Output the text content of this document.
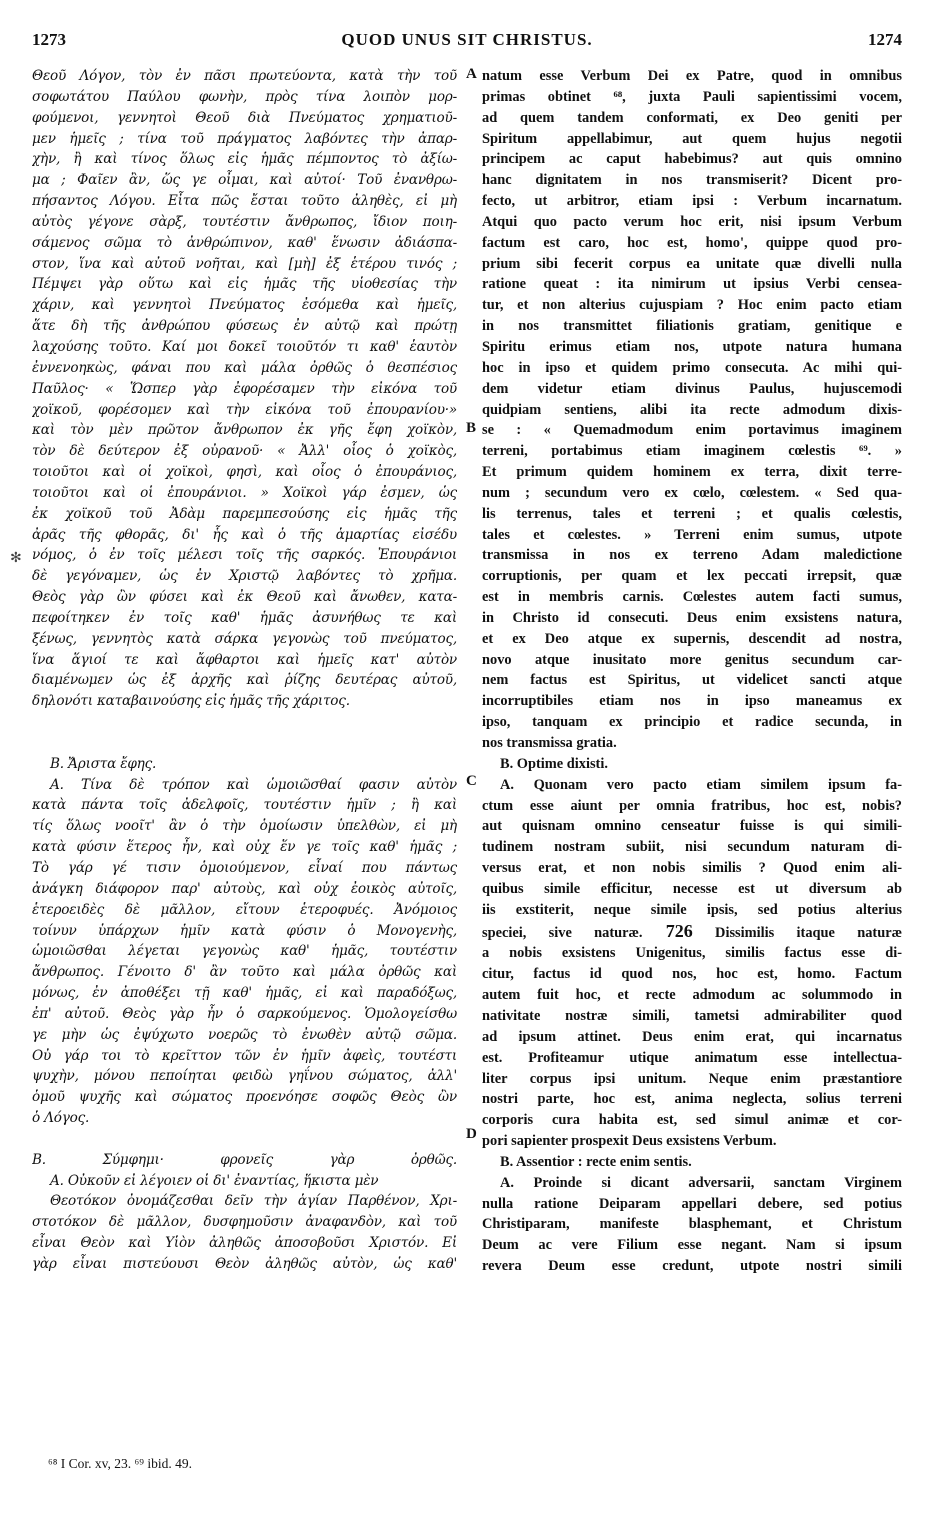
1273	QUOD UNUS SIT CHRISTUS.	1274
✻
A
B
C
D

Θεοῦ Λόγον, τὸν ἐν πᾶσι πρωτεύοντα, κατὰ τὴν τοῦ

σοφωτάτου Παύλου φωνὴν, πρὸς τίνα λοιπὸν μορ-

φούμενοι, γεννητοὶ Θεοῦ διὰ Πνεύματος χρηματιοῦ-

μεν ἡμεῖς ; τίνα τοῦ πράγματος λαβόντες τὴν ἀπαρ-

χὴν, ἢ καὶ τίνος ὅλως εἰς ἡμᾶς πέμποντος τὸ ἀξίω-

μα ; Φαῖεν ἂν, ὥς γε οἶμαι, καὶ αὐτοί· Τοῦ ἐνανθρω-

πήσαντος Λόγου. Εἶτα πῶς ἔσται τοῦτο ἀληθὲς, εἰ μὴ

αὐτὸς γέγονε σὰρξ, τουτέστιν ἄνθρωπος, ἴδιον ποιη-

σάμενος σῶμα τὸ ἀνθρώπινον, καθ' ἕνωσιν ἀδιάσπα-

στον, ἵνα καὶ αὐτοῦ νοῆται, καὶ [μὴ] ἐξ ἑτέρου τινός ;

Πέμψει γὰρ οὕτω καὶ εἰς ἡμᾶς τῆς υἱοθεσίας τὴν

χάριν, καὶ γεννητοὶ Πνεύματος ἐσόμεθα καὶ ἡμεῖς,

ἅτε δὴ τῆς ἀνθρώπου φύσεως ἐν αὐτῷ καὶ πρώτῃ

λαχούσης τοῦτο. Καί μοι δοκεῖ τοιοῦτόν τι καθ' ἑαυτὸν

ἐννενοηκὼς, φάναι που καὶ μάλα ὀρθῶς ὁ θεσπέσιος

Παῦλος· « Ὥσπερ γὰρ ἐφορέσαμεν τὴν εἰκόνα τοῦ

χοϊκοῦ, φορέσομεν καὶ τὴν εἰκόνα τοῦ ἐπουρανίου·»

καὶ τὸν μὲν πρῶτον ἄνθρωπον ἐκ γῆς ἔφη χοϊκὸν,

τὸν δὲ δεύτερον ἐξ οὐρανοῦ· « Ἀλλ' οἷος ὁ χοϊκὸς,

τοιοῦτοι καὶ οἱ χοϊκοὶ, φησὶ, καὶ οἷος ὁ ἐπουράνιος,

τοιοῦτοι καὶ οἱ ἐπουράνιοι. » Χοϊκοὶ γάρ ἐσμεν, ὡς

ἐκ χοϊκοῦ τοῦ Ἀδὰμ παρεμπεσούσης εἰς ἡμᾶς τῆς

ἀρᾶς τῆς φθορᾶς, δι' ἧς καὶ ὁ τῆς ἁμαρτίας εἰσέδυ

νόμος, ὁ ἐν τοῖς μέλεσι τοῖς τῆς σαρκός. Ἐπουράνιοι

δὲ γεγόναμεν, ὡς ἐν Χριστῷ λαβόντες τὸ χρῆμα.

Θεὸς γὰρ ὢν φύσει καὶ ἐκ Θεοῦ καὶ ἄνωθεν, κατα-

πεφοίτηκεν ἐν τοῖς καθ' ἡμᾶς ἀσυνήθως τε καὶ

ξένως, γεννητὸς κατὰ σάρκα γεγονὼς τοῦ πνεύματος,

ἵνα ἅγιοί τε καὶ ἄφθαρτοι καὶ ἡμεῖς κατ' αὐτὸν

διαμένωμεν ὡς ἐξ ἀρχῆς καὶ ῥίζης δευτέρας αὐτοῦ,

δηλονότι καταβαινούσης εἰς ἡμᾶς τῆς χάριτος.

Β. Ἄριστα ἔφης.

Α. Τίνα δὲ τρόπον καὶ ὡμοιῶσθαί φασιν αὐτὸν

κατὰ πάντα τοῖς ἀδελφοῖς, τουτέστιν ἡμῖν ; ἢ καὶ

τίς ὅλως νοοῖτ' ἂν ὁ τὴν ὁμοίωσιν ὑπελθὼν, εἰ μὴ

κατὰ φύσιν ἕτερος ἦν, καὶ οὐχ ἕν γε τοῖς καθ' ἡμᾶς ;

Τὸ γάρ γέ τισιν ὁμοιούμενον, εἶναί που πάντως

ἀνάγκη διάφορον παρ' αὐτοὺς, καὶ οὐχ ἐοικὸς αὐτοῖς,

ἑτεροειδὲς δὲ μᾶλλον, εἴτουν ἑτεροφυές. Ἀνόμοιος

τοίνυν ὑπάρχων ἡμῖν κατὰ φύσιν ὁ Μονογενὴς,

ὡμοιῶσθαι λέγεται γεγονὼς καθ' ἡμᾶς, τουτέστιν

ἄνθρωπος. Γένοιτο δ' ἂν τοῦτο καὶ μάλα ὀρθῶς καὶ

μόνως, ἐν ἀποθέξει τῇ καθ' ἡμᾶς, εἰ καὶ παραδόξως,

ἐπ' αὐτοῦ. Θεὸς γὰρ ἦν ὁ σαρκούμενος. Ὁμολογείσθω

γε μὴν ὡς ἐψύχωτο νοερῶς τὸ ἐνωθὲν αὐτῷ σῶμα.

Οὐ γάρ τοι τὸ κρεῖττον τῶν ἐν ἡμῖν ἀφεὶς, τουτέστι

ψυχὴν, μόνου πεποίηται φειδὼ γηΐνου σώματος, ἀλλ'

ὁμοῦ ψυχῆς καὶ σώματος προενόησε σοφῶς Θεὸς ὢν

ὁ Λόγος.

Β. Σύμφημι· φρονεῖς γὰρ ὀρθῶς.

Α. Οὐκοῦν εἰ λέγοιεν οἱ δι' ἐναντίας, ἥκιστα μὲν

Θεοτόκον ὀνομάζεσθαι δεῖν τὴν ἁγίαν Παρθένον, Χρι-

στοτόκον δὲ μᾶλλον, δυσφημοῦσιν ἀναφανδὸν, καὶ τοῦ

εἶναι Θεὸν καὶ Υἱὸν ἀληθῶς ἀποσοβοῦσι Χριστόν. Εἰ

γὰρ εἶναι πιστεύουσι Θεὸν ἀληθῶς αὐτὸν, ὡς καθ'

natum esse Verbum Dei ex Patre, quod in omnibus

primas obtinet ⁶⁸, juxta Pauli sapientissimi vocem,

ad quem tandem conformati, ex Deo geniti per

Spiritum appellabimur, aut quem hujus negotii

principem ac caput habebimus? aut quis omnino

hanc dignitatem in nos transmiserit? Dicent pro-

fecto, ut arbitror, etiam ipsi : Verbum incarnatum.

Atqui quo pacto verum hoc erit, nisi ipsum Verbum

factum est caro, hoc est, homo', quippe quod pro-

prium sibi fecerit corpus ea unitate quæ divelli nulla

ratione queat : ita nimirum ut ipsius Verbi censea-

tur, et non alterius cujuspiam ? Hoc enim pacto etiam

in nos transmittet filiationis gratiam, genitique e

Spiritu erimus etiam nos, utpote natura humana

hoc in ipso et quidem primo consecuta. Ac mihi qui-

dem videtur etiam divinus Paulus, hujuscemodi

quidpiam sentiens, alibi ita recte admodum dixis-

se : « Quemadmodum enim portavimus imaginem

terreni, portabimus etiam imaginem cœlestis ⁶⁹. »

Et primum quidem hominem ex terra, dixit terre-

num ; secundum vero ex cœlo, cœlestem. « Sed qua-

lis terrenus, tales et terreni ; et qualis cœlestis,

tales et cœlestes. » Terreni enim sumus, utpote

transmissa in nos ex terreno Adam maledictione

corruptionis, per quam et lex peccati irrepsit, quæ

est in membris carnis. Cœlestes autem facti sumus,

in Christo id consecuti. Deus enim exsistens natura,

et ex Deo atque ex supernis, descendit ad nostra,

novo atque inusitato more genitus secundum car-

nem factus est Spiritus, ut videlicet sancti atque

incorruptibiles etiam nos in ipso maneamus ex

ipso, tanquam ex principio et radice secunda, in

nos transmissa gratia.

B. Optime dixisti.

A. Quonam vero pacto etiam similem ipsum fa-

ctum esse aiunt per omnia fratribus, hoc est, nobis?

aut quisnam omnino censeatur fuisse is qui simili-

tudinem nostram subiit, nisi secundum naturam di-

versus erat, et non nobis similis ? Quod enim ali-

quibus simile efficitur, necesse est ut diversum ab

iis exstiterit, neque simile ipsis, sed potius alterius

speciei, sive naturæ. 726 Dissimilis itaque naturæ

a nobis exsistens Unigenitus, similis factus esse di-

citur, factus id quod nos, hoc est, homo. Factum

autem fuit hoc, et recte admodum ac solummodo in

nativitate nostræ simili, tametsi admirabiliter quod

ad ipsum attinet. Deus enim erat, qui incarnatus

est. Profiteamur utique animatum esse intellectua-

liter corpus ipsi unitum. Neque enim præstantiore

nostri parte, hoc est, anima neglecta, solius terreni

corporis cura habita est, sed simul animæ et cor-

pori sapienter prospexit Deus exsistens Verbum.

B. Assentior : recte enim sentis.

A. Proinde si dicant adversarii, sanctam Virginem

nulla ratione Deiparam appellari debere, sed potius

Christiparam, manifeste blasphemant, et Christum

Deum ac vere Filium esse negant. Nam si ipsum

revera Deum esse credunt, utpote nostri simili

⁶⁸ I Cor. xv, 23. ⁶⁹ ibid. 49.
